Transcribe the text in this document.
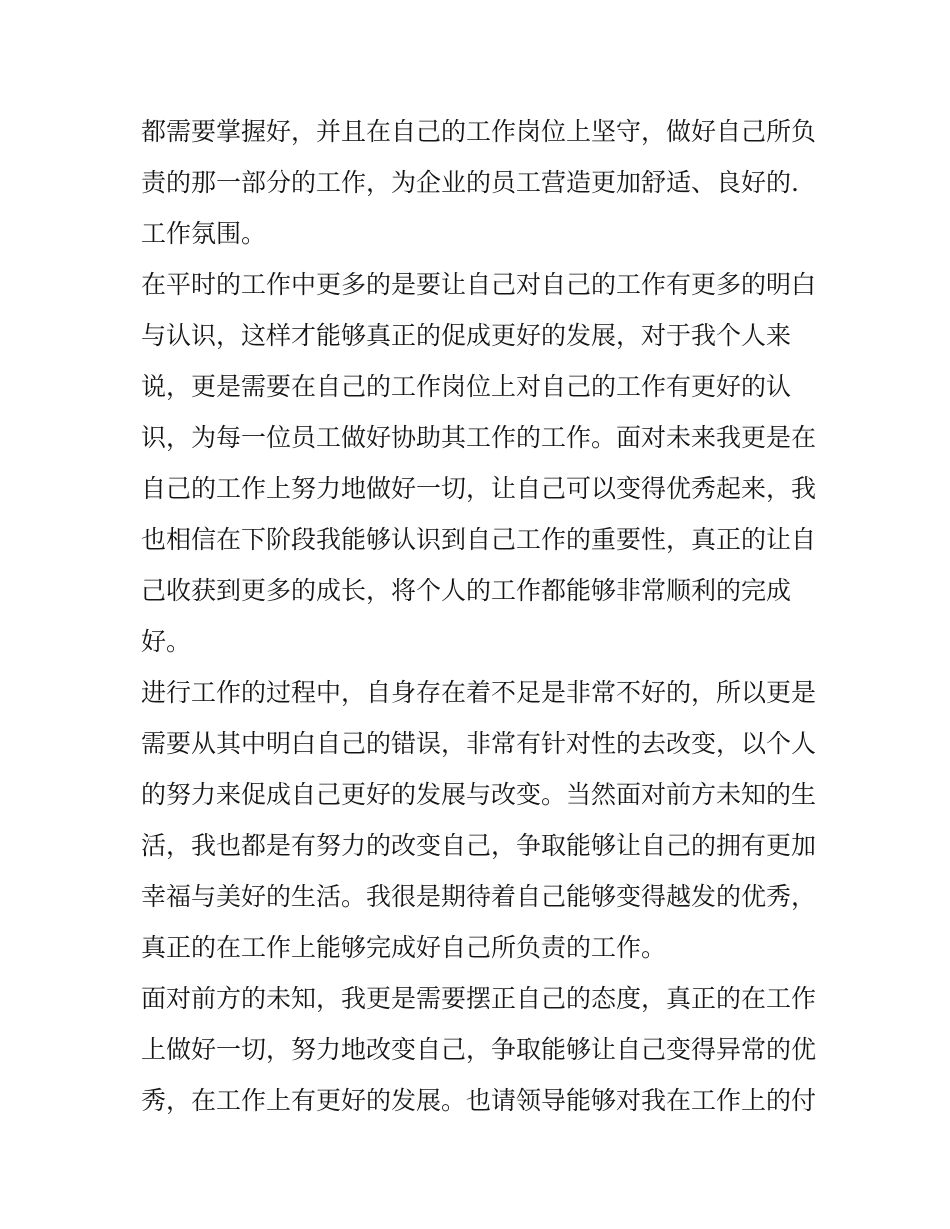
都需要掌握好，并且在自己的工作岗位上坚守，做好自己所负
责的那一部分的工作，为企业的员工营造更加舒适、良好的.
工作氛围。
在平时的工作中更多的是要让自己对自己的工作有更多的明白
与认识，这样才能够真正的促成更好的发展，对于我个人来
说，更是需要在自己的工作岗位上对自己的工作有更好的认
识，为每一位员工做好协助其工作的工作。面对未来我更是在
自己的工作上努力地做好一切，让自己可以变得优秀起来，我
也相信在下阶段我能够认识到自己工作的重要性，真正的让自
己收获到更多的成长，将个人的工作都能够非常顺利的完成
好。
进行工作的过程中，自身存在着不足是非常不好的，所以更是
需要从其中明白自己的错误，非常有针对性的去改变，以个人
的努力来促成自己更好的发展与改变。当然面对前方未知的生
活，我也都是有努力的改变自己，争取能够让自己的拥有更加
幸福与美好的生活。我很是期待着自己能够变得越发的优秀，
真正的在工作上能够完成好自己所负责的工作。
面对前方的未知，我更是需要摆正自己的态度，真正的在工作
上做好一切，努力地改变自己，争取能够让自己变得异常的优
秀，在工作上有更好的发展。也请领导能够对我在工作上的付
